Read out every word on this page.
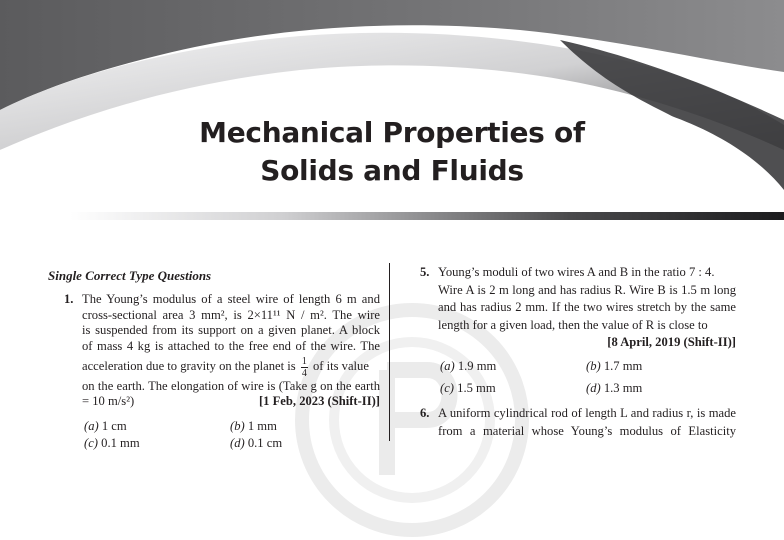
Mechanical Properties of
Solids and Fluids
Single Correct Type Questions
1. The Young’s modulus of a steel wire of length 6 m and
cross-sectional area 3 mm², is 2×11¹¹ N / m². The wire
is suspended from its support on a given planet. A block
of mass 4 kg is attached to the free end of the wire. The
acceleration due to gravity on the planet is $\frac{1}{4}$ of its value
on the earth. The elongation of wire is (Take g on the earth
= 10 m/s²)	[1 Feb, 2023 (Shift-II)]
(a) 1 cm	(b) 1 mm
(c) 0.1 mm	(d) 0.1 cm
5. Young’s moduli of two wires A and B in the ratio 7 : 4.
Wire A is 2 m long and has radius R. Wire B is 1.5 m long
and has radius 2 mm. If the two wires stretch by the same
length for a given load, then the value of R is close to
[8 April, 2019 (Shift-II)]
(a) 1.9 mm	(b) 1.7 mm
(c) 1.5 mm	(d) 1.3 mm
6. A uniform cylindrical rod of length L and radius r, is made
from a material whose Young’s modulus of Elasticity
